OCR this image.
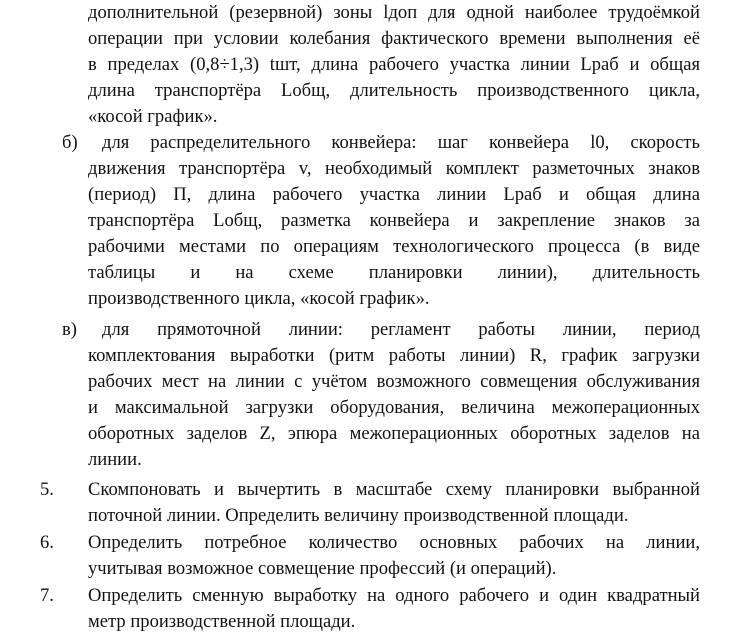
дополнительной (резервной) зоны lдоп для одной наиболее трудоёмкой
операции при условии колебания фактического времени выполнения её
в пределах (0,8÷1,3) tшт, длина рабочего участка линии Lраб и общая
длина транспортёра Lобщ, длительность производственного цикла,
«косой график».
б) для распределительного конвейера: шаг конвейера l0, скорость
движения транспортёра v, необходимый комплект разметочных знаков
(период) П, длина рабочего участка линии Lраб и общая длина
транспортёра Lобщ, разметка конвейера и закрепление знаков за
рабочими местами по операциям технологического процесса (в виде
таблицы и на схеме планировки линии), длительность
производственного цикла, «косой график».
в) для прямоточной линии: регламент работы линии, период
комплектования выработки (ритм работы линии) R, график загрузки
рабочих мест на линии с учётом возможного совмещения обслуживания
и максимальной загрузки оборудования, величина межоперационных
оборотных заделов Z, эпюра межоперационных оборотных заделов на
линии.
5. Скомпоновать и вычертить в масштабе схему планировки выбранной
поточной линии. Определить величину производственной площади.
6. Определить потребное количество основных рабочих на линии,
учитывая возможное совмещение профессий (и операций).
7. Определить сменную выработку на одного рабочего и один квадратный
метр производственной площади.
